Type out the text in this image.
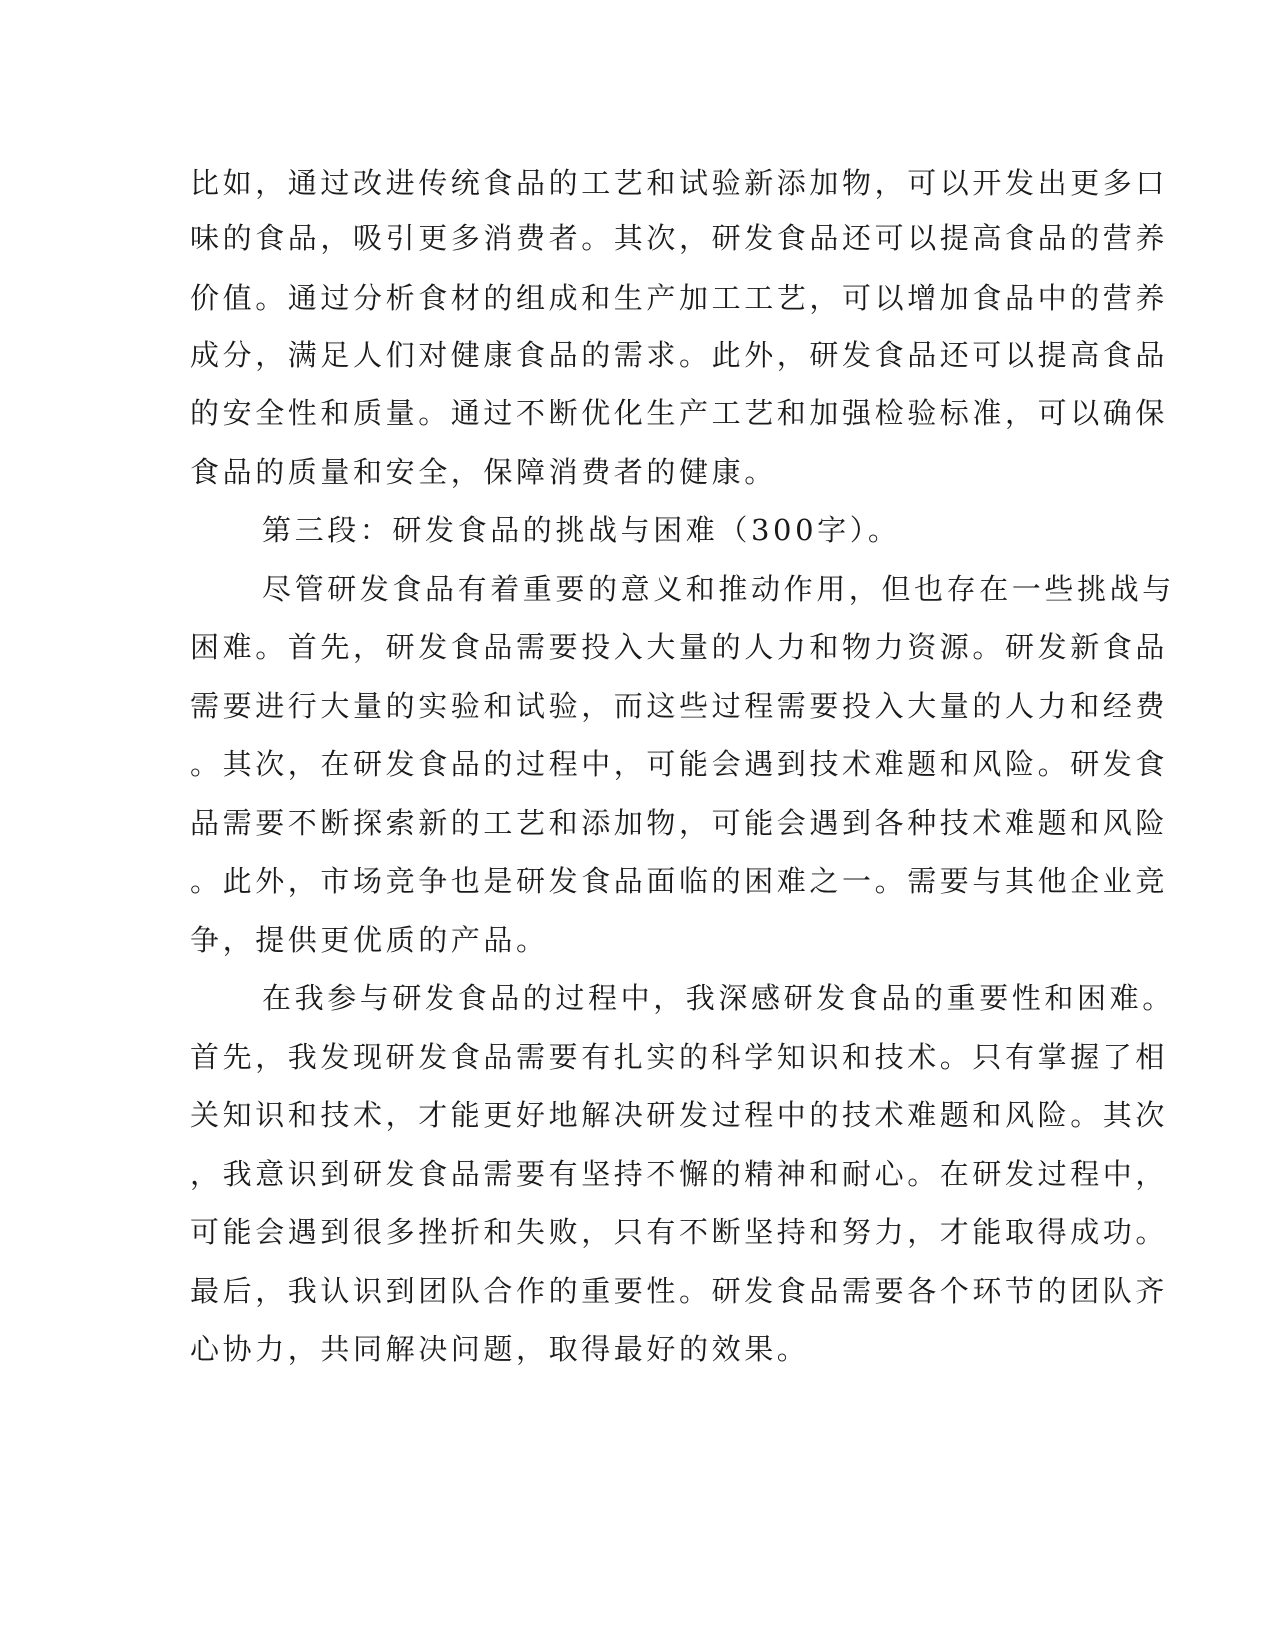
比如，通过改进传统食品的工艺和试验新添加物，可以开发出更多口
味的食品，吸引更多消费者。其次，研发食品还可以提高食品的营养
价值。通过分析食材的组成和生产加工工艺，可以增加食品中的营养
成分，满足人们对健康食品的需求。此外，研发食品还可以提高食品
的安全性和质量。通过不断优化生产工艺和加强检验标准，可以确保
食品的质量和安全，保障消费者的健康。
第三段：研发食品的挑战与困难（300字）。
尽管研发食品有着重要的意义和推动作用，但也存在一些挑战与
困难。首先，研发食品需要投入大量的人力和物力资源。研发新食品
需要进行大量的实验和试验，而这些过程需要投入大量的人力和经费
。其次，在研发食品的过程中，可能会遇到技术难题和风险。研发食
品需要不断探索新的工艺和添加物，可能会遇到各种技术难题和风险
。此外，市场竞争也是研发食品面临的困难之一。需要与其他企业竞
争，提供更优质的产品。
在我参与研发食品的过程中，我深感研发食品的重要性和困难。
首先，我发现研发食品需要有扎实的科学知识和技术。只有掌握了相
关知识和技术，才能更好地解决研发过程中的技术难题和风险。其次
，我意识到研发食品需要有坚持不懈的精神和耐心。在研发过程中，
可能会遇到很多挫折和失败，只有不断坚持和努力，才能取得成功。
最后，我认识到团队合作的重要性。研发食品需要各个环节的团队齐
心协力，共同解决问题，取得最好的效果。
